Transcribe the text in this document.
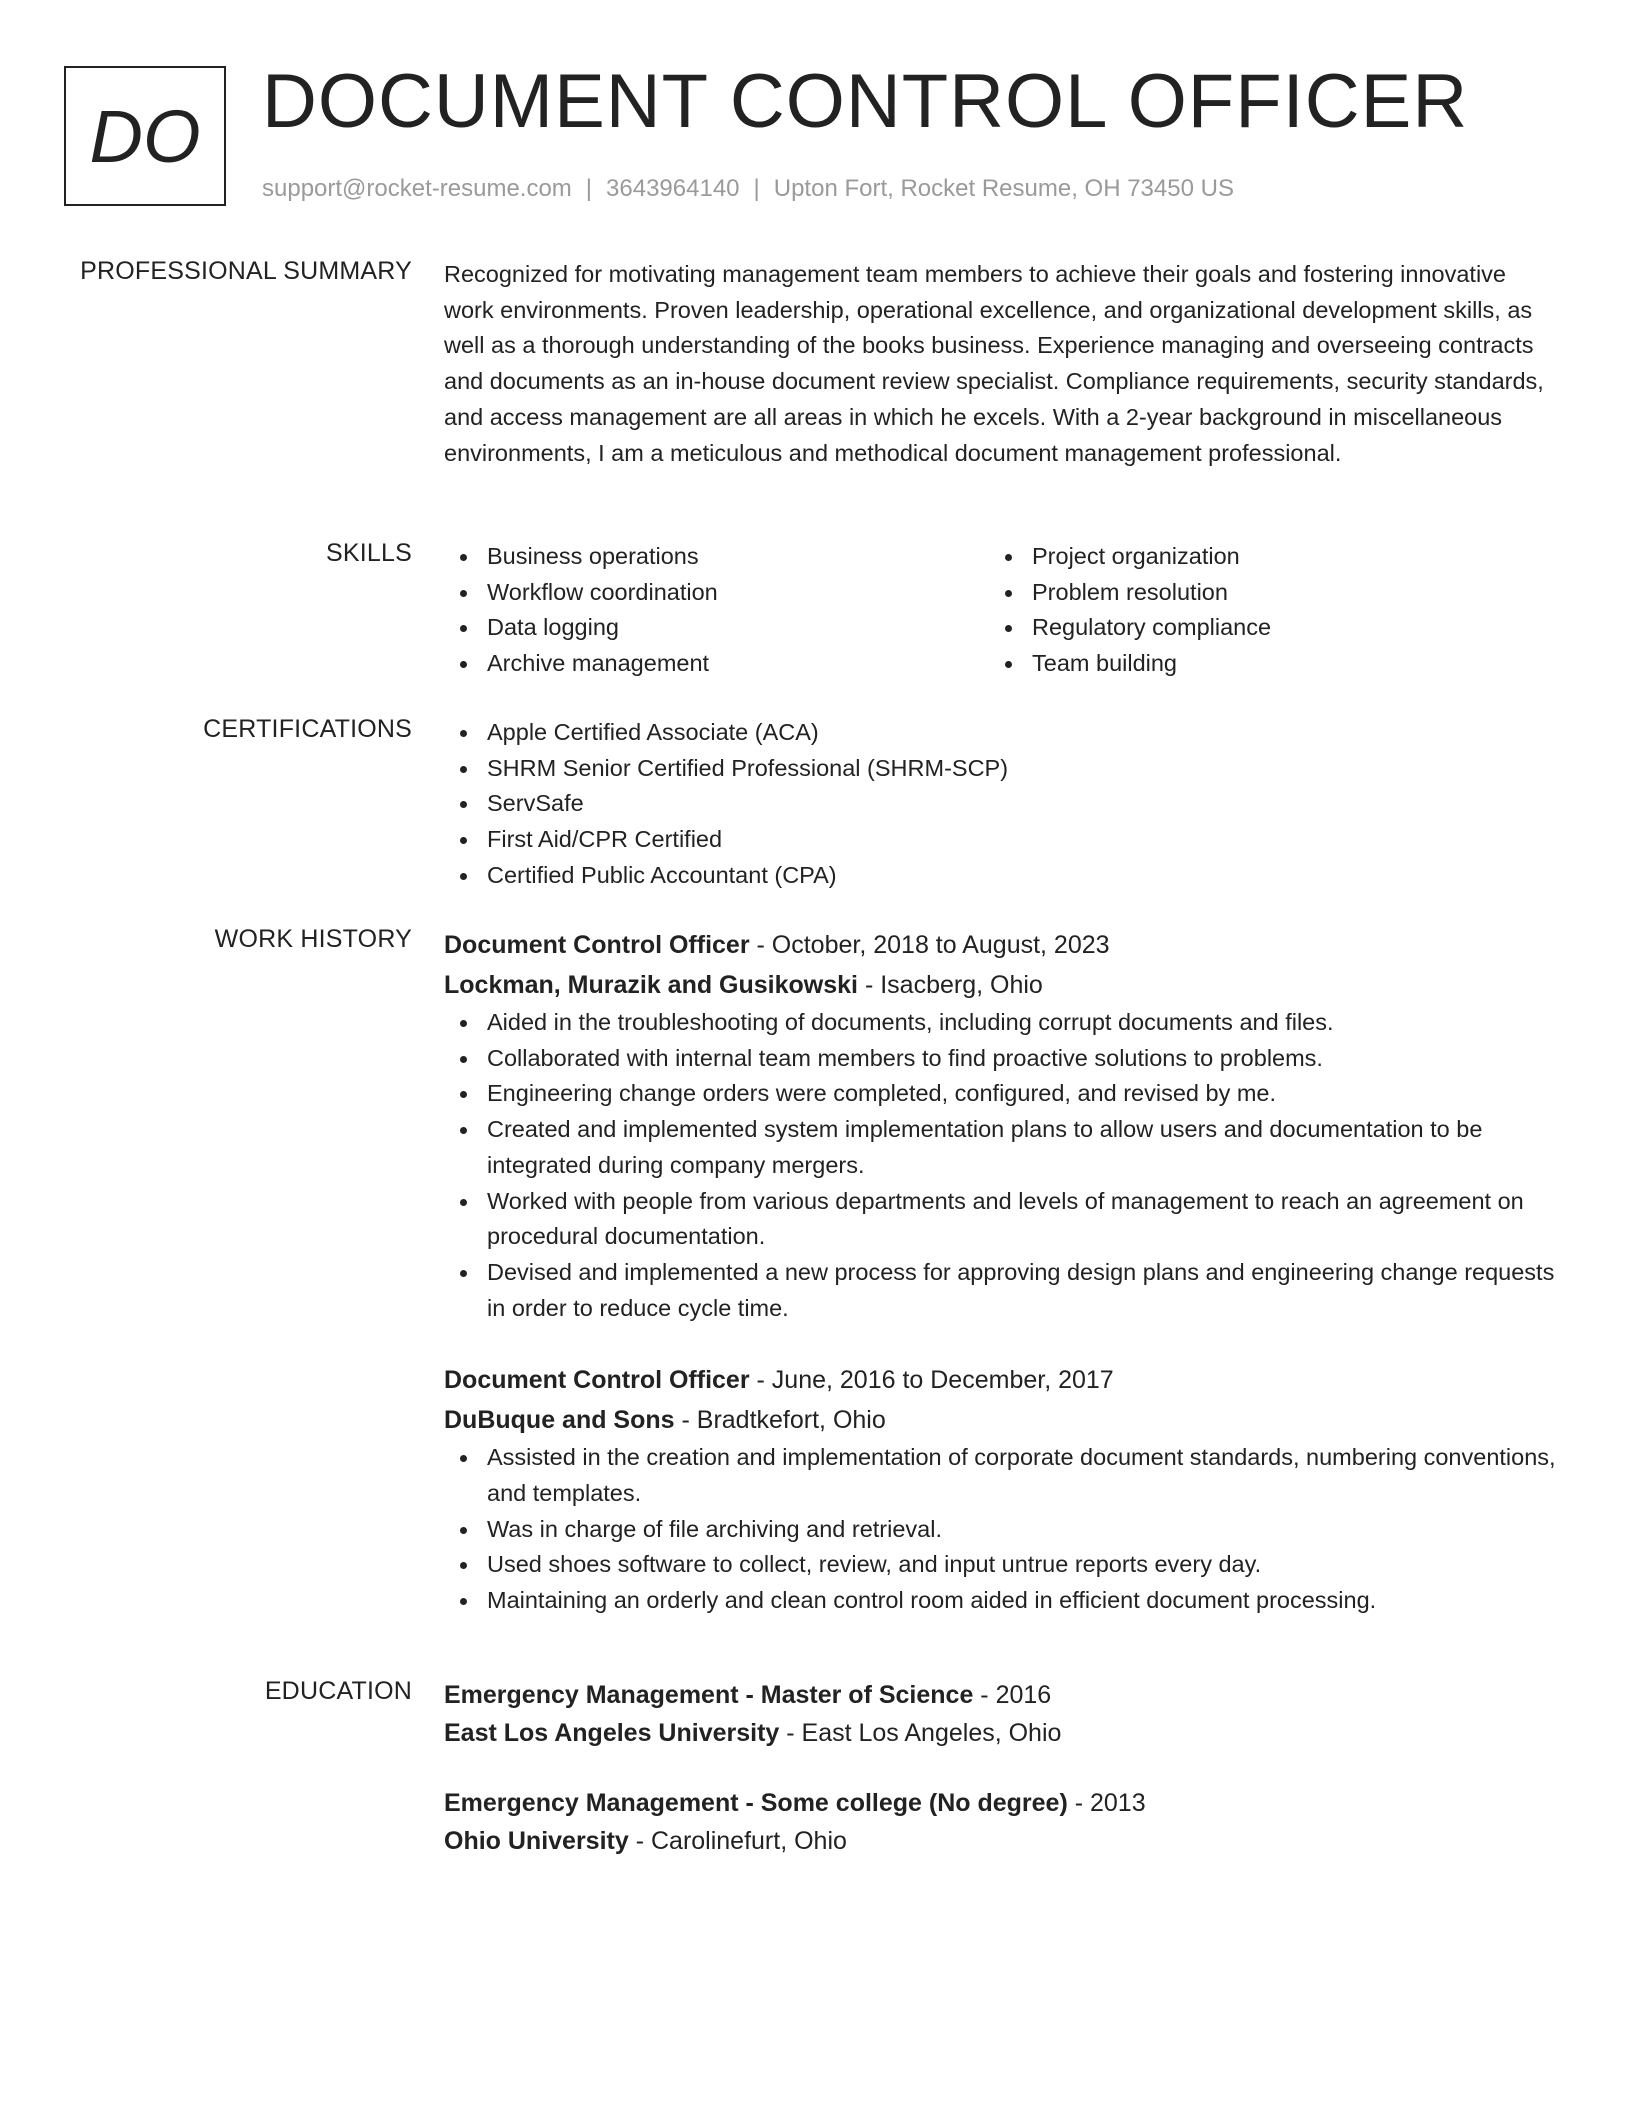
DO DOCUMENT CONTROL OFFICER
support@rocket-resume.com | 3643964140 | Upton Fort, Rocket Resume, OH 73450 US
PROFESSIONAL SUMMARY Recognized for motivating management team members to achieve their goals and fostering innovative work environments. Proven leadership, operational excellence, and organizational development skills, as well as a thorough understanding of the books business. Experience managing and overseeing contracts and documents as an in-house document review specialist. Compliance requirements, security standards, and access management are all areas in which he excels. With a 2-year background in miscellaneous environments, I am a meticulous and methodical document management professional.

SKILLS	Business operations
Workflow coordination
Data logging
Archive management
Project organization
Problem resolution
Regulatory compliance
Team building
CERTIFICATIONS	Apple Certified Associate (ACA)
SHRM Senior Certified Professional (SHRM-SCP)
ServSafe
First Aid/CPR Certified
Certified Public Accountant (CPA)
WORK HISTORY Document Control Officer - October, 2018 to August, 2023
Lockman, Murazik and Gusikowski - Isacberg, Ohio
Aided in the troubleshooting of documents, including corrupt documents and files.
Collaborated with internal team members to find proactive solutions to problems.
Engineering change orders were completed, configured, and revised by me.
Created and implemented system implementation plans to allow users and documentation to be integrated during company mergers.
Worked with people from various departments and levels of management to reach an agreement on procedural documentation.
Devised and implemented a new process for approving design plans and engineering change requests in order to reduce cycle time.
Document Control Officer - June, 2016 to December, 2017
DuBuque and Sons - Bradtkefort, Ohio
Assisted in the creation and implementation of corporate document standards, numbering conventions, and templates.
Was in charge of file archiving and retrieval.
Used shoes software to collect, review, and input untrue reports every day.
Maintaining an orderly and clean control room aided in efficient document processing.
EDUCATION Emergency Management - Master of Science - 2016
East Los Angeles University - East Los Angeles, Ohio
Emergency Management - Some college (No degree) - 2013
Ohio University - Carolinefurt, Ohio
